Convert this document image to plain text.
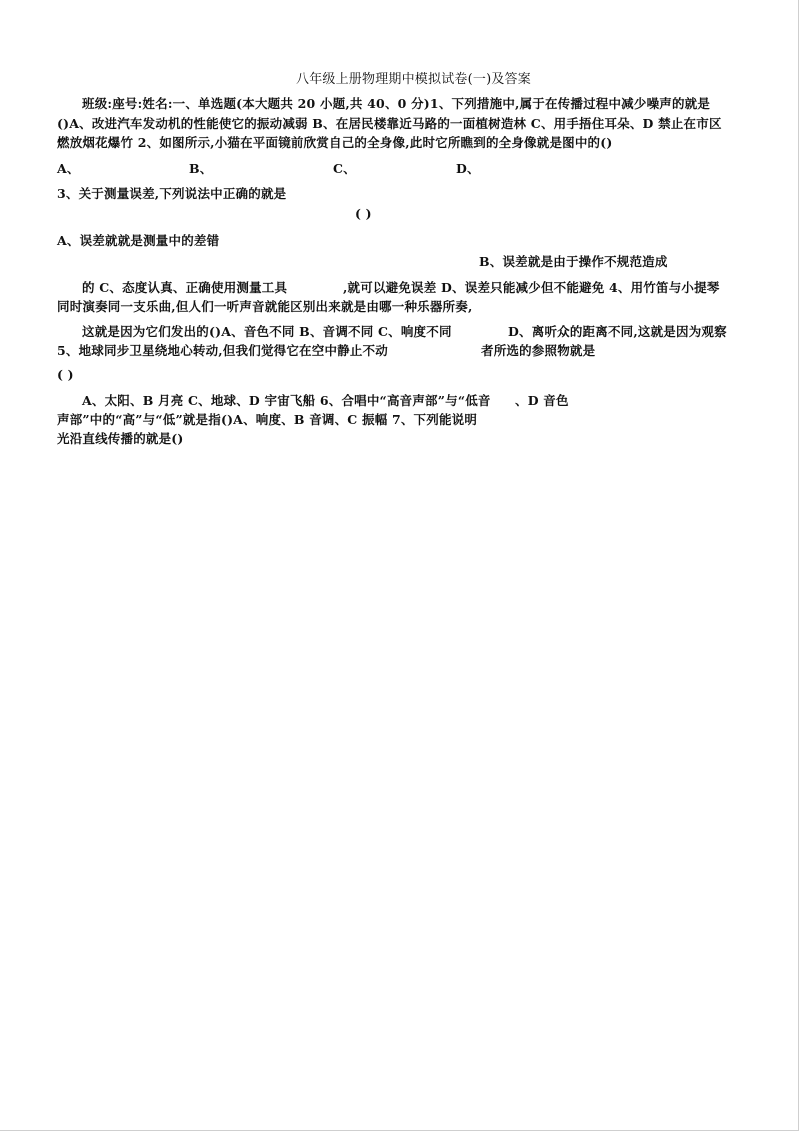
八年级上册物理期中模拟试卷(一)及答案
班级:座号:姓名:一、单选题(本大题共 20 小题,共 40、0 分)1、下列措施中,属于在传播过程中减少噪声的就是
()A、改进汽车发动机的性能使它的振动减弱 B、在居民楼靠近马路的一面植树造林 C、用手捂住耳朵、D 禁止在市区
燃放烟花爆竹 2、如图所示,小猫在平面镜前欣赏自己的全身像,此时它所瞧到的全身像就是图中的()
A、	B、	C、	D、
3、关于测量误差,下列说法中正确的就是
( )
A、误差就就是测量中的差错
B、误差就是由于操作不规范造成
的 C、态度认真、正确使用测量工具	,就可以避免误差 D、误差只能减少但不能避免 4、用竹笛与小提琴
同时演奏同一支乐曲,但人们一听声音就能区别出来就是由哪一种乐器所奏,
这就是因为它们发出的()A、音色不同 B、音调不同 C、响度不同	D、离听众的距离不同,这就是因为观察
5、地球同步卫星绕地心转动,但我们觉得它在空中静止不动	者所选的参照物就是
( )
A、太阳、B 月亮 C、地球、D 宇宙飞船 6、合唱中“高音声部”与“低音 、D 音色
声部”中的“高”与“低”就是指()A、响度、B 音调、C 振幅 7、下列能说明
光沿直线传播的就是()
